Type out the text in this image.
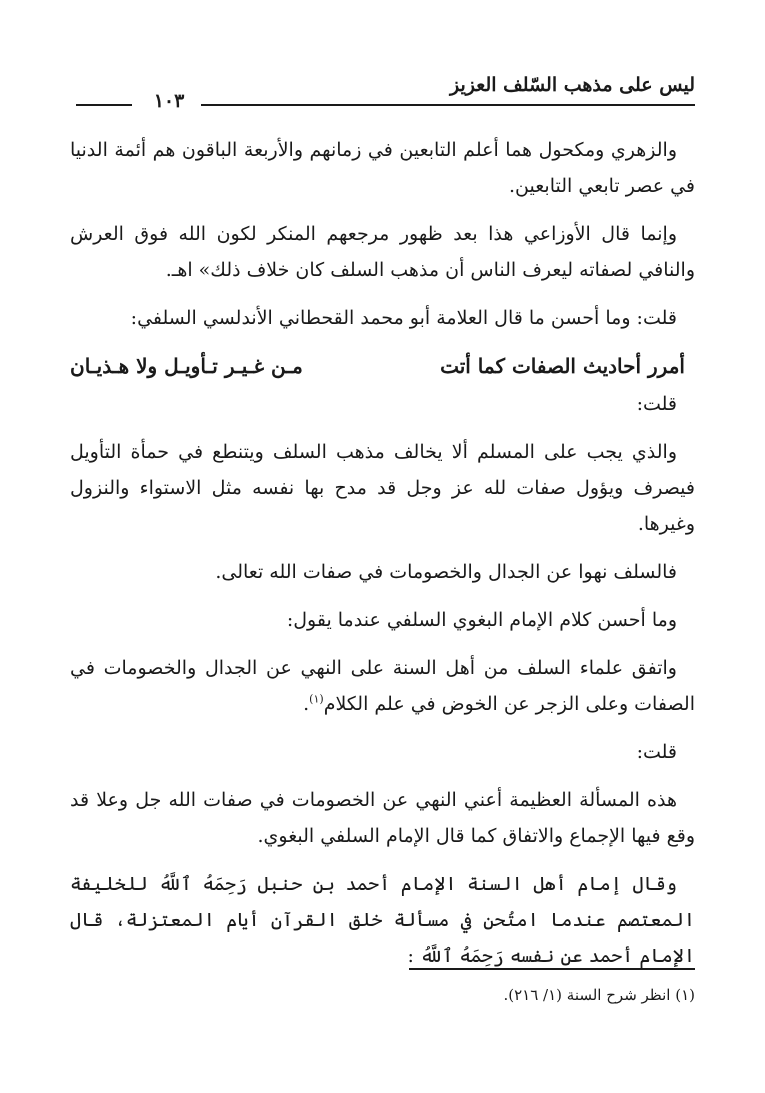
ليس على مذهب السّلف العزيز
١٠٣

والزهري ومكحول هما أعلم التابعين في زمانهم والأربعة الباقون هم أئمة الدنيا في عصر تابعي التابعين.

وإنما قال الأوزاعي هذا بعد ظهور مرجعهم المنكر لكون الله فوق العرش والنافي لصفاته ليعرف الناس أن مذهب السلف كان خلاف ذلك» اهـ.

قلت: وما أحسن ما قال العلامة أبو محمد القحطاني الأندلسي السلفي:

أمرر أحاديث الصفات كما أتت
مـن غـيـر تـأويـل ولا هـذيـان

قلت:

والذي يجب على المسلم ألا يخالف مذهب السلف ويتنطع في حمأة التأويل فيصرف ويؤول صفات لله عز وجل قد مدح بها نفسه مثل الاستواء والنزول وغيرها.

فالسلف نهوا عن الجدال والخصومات في صفات الله تعالى.

وما أحسن كلام الإمام البغوي السلفي عندما يقول:

واتفق علماء السلف من أهل السنة على النهي عن الجدال والخصومات في الصفات وعلى الزجر عن الخوض في علم الكلام$^{(١)}$.

قلت:

هذه المسألة العظيمة أعني النهي عن الخصومات في صفات الله جل وعلا قد وقع فيها الإجماع والاتفاق كما قال الإمام السلفي البغوي.

وقال إمام أهل السنة الإمام أحمد بن حنبل رَحِمَهُ ٱللَّهُ للخليفة المعتصم عندما امتُحن في مسألة خلق القرآن أيام المعتزلة، قال الإمام أحمد عن نفسه رَحِمَهُ ٱللَّهُ :

(١) انظر شرح السنة (١/ ٢١٦).
